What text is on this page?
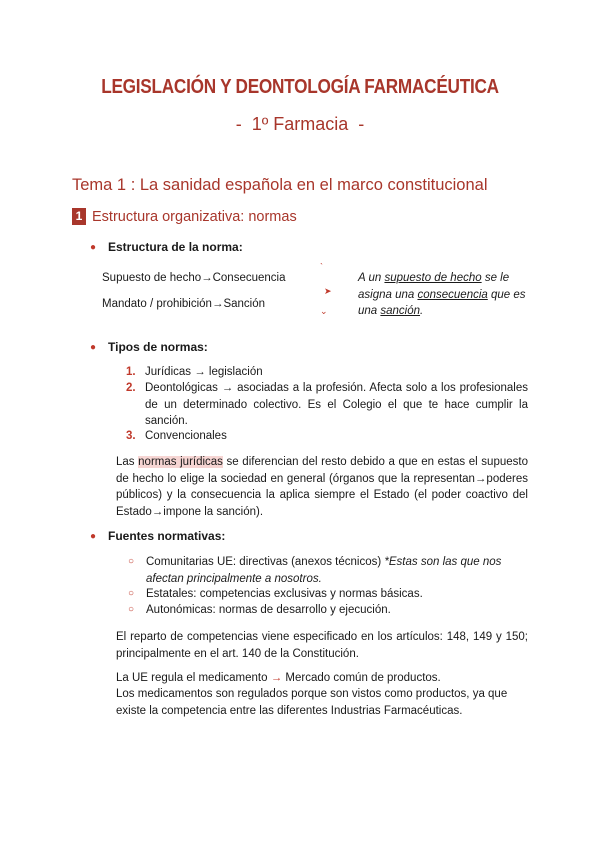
LEGISLACIÓN Y DEONTOLOGÍA FARMACÉUTICA
- 1º Farmacia -
Tema 1 : La sanidad española en el marco constitucional
1 Estructura organizativa: normas
● Estructura de la norma:
Supuesto de hecho→Consecuencia
Mandato / prohibición→Sanción
`
➤
⌄
A un supuesto de hecho se le asigna una consecuencia que es una sanción.
● Tipos de normas:
1. Jurídicas → legislación
2. Deontológicas → asociadas a la profesión. Afecta solo a los profesionales de un determinado colectivo. Es el Colegio el que te hace cumplir la sanción.
3. Convencionales
Las normas jurídicas se diferencian del resto debido a que en estas el supuesto de hecho lo elige la sociedad en general (órganos que la representan→poderes públicos) y la consecuencia la aplica siempre el Estado (el poder coactivo del Estado→impone la sanción).
● Fuentes normativas:
○	Comunitarias UE: directivas (anexos técnicos) *Estas son las que nos afectan principalmente a nosotros.
○	Estatales: competencias exclusivas y normas básicas.
○	Autonómicas: normas de desarrollo y ejecución.
El reparto de competencias viene especificado en los artículos: 148, 149 y 150; principalmente en el art. 140 de la Constitución.
La UE regula el medicamento → Mercado común de productos.
Los medicamentos son regulados porque son vistos como productos, ya que existe la competencia entre las diferentes Industrias Farmacéuticas.
